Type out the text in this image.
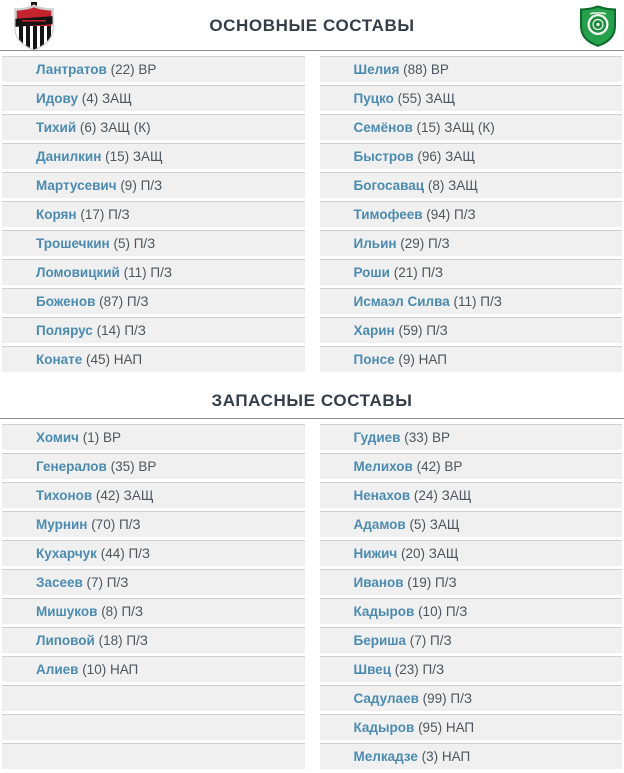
ОСНОВНЫЕ СОСТАВЫ
Лантратов (22) ВР
Идову (4) ЗАЩ
Тихий (6) ЗАЩ (К)
Данилкин (15) ЗАЩ
Мартусевич (9) П/З
Корян (17) П/З
Трошечкин (5) П/З
Ломовицкий (11) П/З
Боженов (87) П/З
Полярус (14) П/З
Конате (45) НАП
Шелия (88) ВР
Пуцко (55) ЗАЩ
Семёнов (15) ЗАЩ (К)
Быстров (96) ЗАЩ
Богосавац (8) ЗАЩ
Тимофеев (94) П/З
Ильин (29) П/З
Роши (21) П/З
Исмаэл Силва (11) П/З
Харин (59) П/З
Понсе (9) НАП
ЗАПАСНЫЕ СОСТАВЫ
Хомич (1) ВР
Генералов (35) ВР
Тихонов (42) ЗАЩ
Мурнин (70) П/З
Кухарчук (44) П/З
Засеев (7) П/З
Мишуков (8) П/З
Липовой (18) П/З
Алиев (10) НАП
Гудиев (33) ВР
Мелихов (42) ВР
Ненахов (24) ЗАЩ
Адамов (5) ЗАЩ
Нижич (20) ЗАЩ
Иванов (19) П/З
Кадыров (10) П/З
Бериша (7) П/З
Швец (23) П/З
Садулаев (99) П/З
Кадыров (95) НАП
Мелкадзе (3) НАП
